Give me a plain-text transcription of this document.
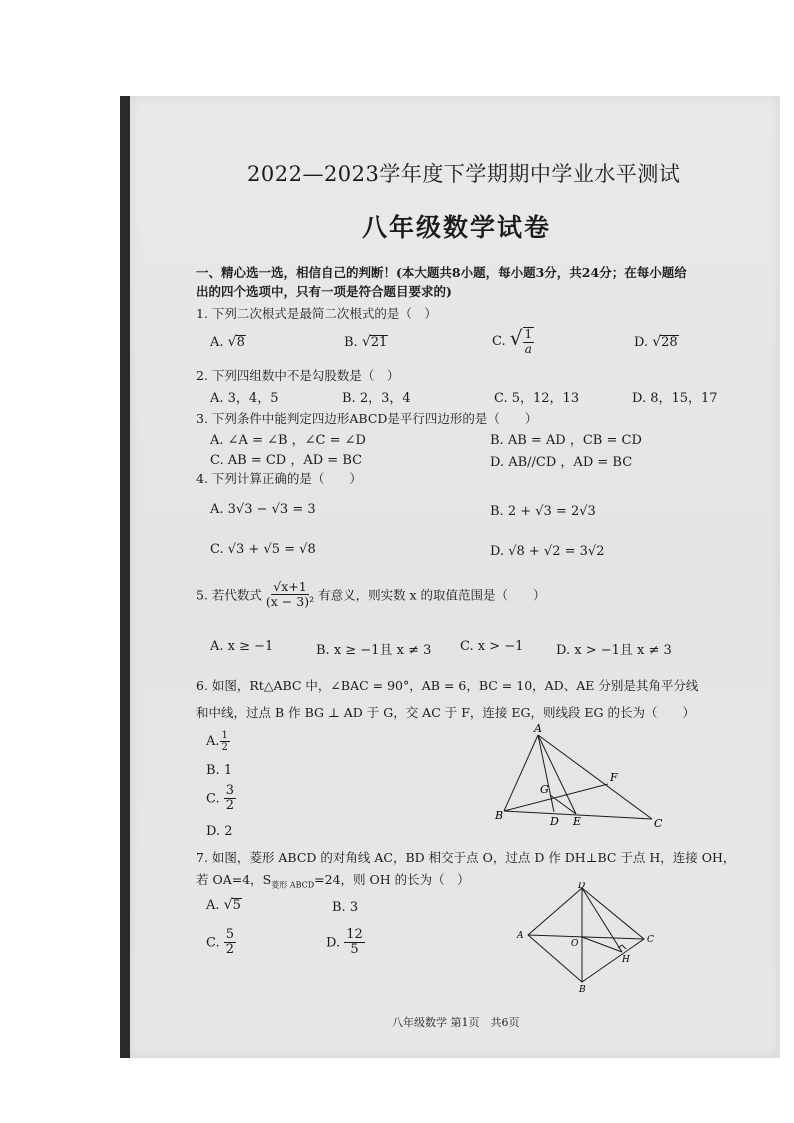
2022—2023学年度下学期期中学业水平测试
八年级数学试卷
一、精心选一选，相信自己的判断！(本大题共8小题，每小题3分，共24分；在每小题给
出的四个选项中，只有一项是符合题目要求的)
1. 下列二次根式是最简二次根式的是（　）
A. √8	B. √21	C. √ $\frac{1}{a}$	D. √28
2. 下列四组数中不是勾股数是（　）
A. 3，4，5	B. 2，3，4	C. 5，12，13	D. 8，15，17
3. 下列条件中能判定四边形ABCD是平行四边形的是（　　）
A. ∠A = ∠B ，∠C = ∠D	B. AB = AD ，CB = CD
C. AB = CD ，AD = BC	D. AB//CD ，AD = BC
4. 下列计算正确的是（　　）
A. 3√3 − √3 = 3	B. 2 + √3 = 2√3
C. √3 + √5 = √8	D. √8 + √2 = 3√2
5. 若代数式 $\frac{√x+1}{\text{(x − 3)²}}$ 有意义，则实数 x 的取值范围是（　　）
A. x ≥ −1	B. x ≥ −1且 x ≠ 3 C. x > −1	D. x > −1且 x ≠ 3
6. 如图，Rt△ABC 中，∠BAC = 90°，AB = 6，BC = 10，AD、AE 分别是其角平分线
和中线，过点 B 作 BG ⊥ AD 于 G，交 AC 于 F，连接 EG，则线段 EG 的长为（　　）
A. $\frac{1}{2}$
B. 1
C. $\frac{3}{2}$
D. 2
A
B
C
D E
F
G
7. 如图，菱形 ABCD 的对角线 AC，BD 相交于点 O，过点 D 作 DH⊥BC 于点 H，连接 OH，
若 OA=4，$S_{菱形 ABCD}=24$，则 OH 的长为（　）
A. √5	B. 3
C. $\frac{5}{2}$	D. $\frac{12}{5}$
D
A
B
C
O
H
八年级数学 第1页　共6页
